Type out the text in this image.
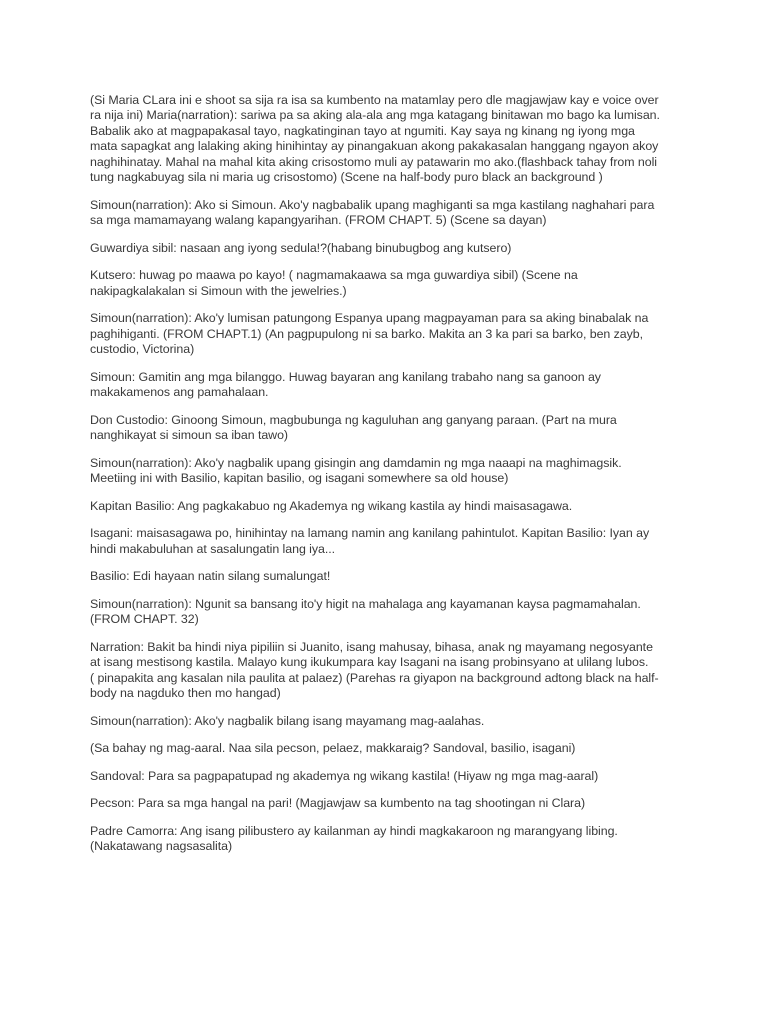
(Si Maria CLara ini e shoot sa sija ra isa sa kumbento na matamlay pero dle magjawjaw kay e voice over
ra nija ini) Maria(narration): sariwa pa sa aking ala-ala ang mga katagang binitawan mo bago ka lumisan.
Babalik ako at magpapakasal tayo, nagkatinginan tayo at ngumiti. Kay saya ng kinang ng iyong mga
mata sapagkat ang lalaking aking hinihintay ay pinangakuan akong pakakasalan hanggang ngayon akoy
naghihinatay. Mahal na mahal kita aking crisostomo muli ay patawarin mo ako.(flashback tahay from noli
tung nagkabuyag sila ni maria ug crisostomo) (Scene na half-body puro black an background )

Simoun(narration): Ako si Simoun. Ako'y nagbabalik upang maghiganti sa mga kastilang naghahari para
sa mga mamamayang walang kapangyarihan. (FROM CHAPT. 5) (Scene sa dayan)

Guwardiya sibil: nasaan ang iyong sedula!?(habang binubugbog ang kutsero)

Kutsero: huwag po maawa po kayo! ( nagmamakaawa sa mga guwardiya sibil) (Scene na
nakipagkalakalan si Simoun with the jewelries.)

Simoun(narration): Ako'y lumisan patungong Espanya upang magpayaman para sa aking binabalak na
paghihiganti. (FROM CHAPT.1) (An pagpupulong ni sa barko. Makita an 3 ka pari sa barko, ben zayb,
custodio, Victorina)

Simoun: Gamitin ang mga bilanggo. Huwag bayaran ang kanilang trabaho nang sa ganoon ay
makakamenos ang pamahalaan.

Don Custodio: Ginoong Simoun, magbubunga ng kaguluhan ang ganyang paraan. (Part na mura
nanghikayat si simoun sa iban tawo)

Simoun(narration): Ako'y nagbalik upang gisingin ang damdamin ng mga naaapi na maghimagsik.
Meetiing ini with Basilio, kapitan basilio, og isagani somewhere sa old house)

Kapitan Basilio: Ang pagkakabuo ng Akademya ng wikang kastila ay hindi maisasagawa.

Isagani: maisasagawa po, hinihintay na lamang namin ang kanilang pahintulot. Kapitan Basilio: Iyan ay
hindi makabuluhan at sasalungatin lang iya...

Basilio: Edi hayaan natin silang sumalungat!

Simoun(narration): Ngunit sa bansang ito'y higit na mahalaga ang kayamanan kaysa pagmamahalan.
(FROM CHAPT. 32)

Narration: Bakit ba hindi niya pipiliin si Juanito, isang mahusay, bihasa, anak ng mayamang negosyante
at isang mestisong kastila. Malayo kung ikukumpara kay Isagani na isang probinsyano at ulilang lubos.
( pinapakita ang kasalan nila paulita at palaez) (Parehas ra giyapon na background adtong black na half-
body na nagduko then mo hangad)

Simoun(narration): Ako'y nagbalik bilang isang mayamang mag-aalahas.

(Sa bahay ng mag-aaral. Naa sila pecson, pelaez, makkaraig? Sandoval, basilio, isagani)

Sandoval: Para sa pagpapatupad ng akademya ng wikang kastila! (Hiyaw ng mga mag-aaral)

Pecson: Para sa mga hangal na pari! (Magjawjaw sa kumbento na tag shootingan ni Clara)

Padre Camorra: Ang isang pilibustero ay kailanman ay hindi magkakaroon ng marangyang libing.
(Nakatawang nagsasalita)
